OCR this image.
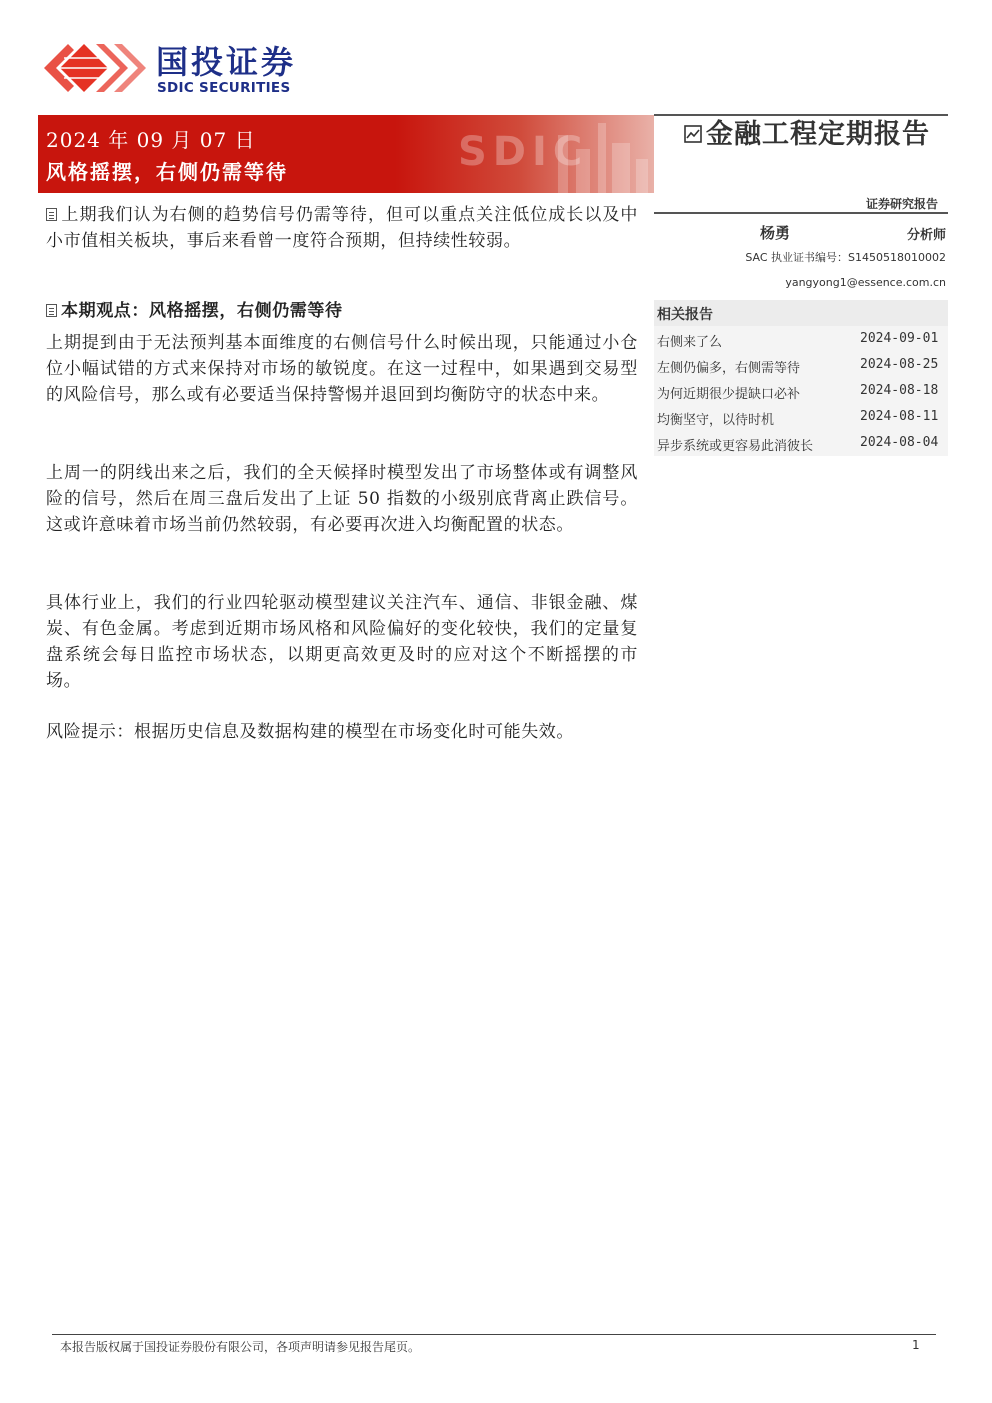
国投证券
SDIC SECURITIES
SDIC
2024 年 09 月 07 日
风格摇摆，右侧仍需等待
金融工程定期报告
证券研究报告
杨勇	分析师
SAC 执业证书编号：S1450518010002
yangyong1@essence.com.cn
相关报告
右侧来了么	2024-09-01
左侧仍偏多，右侧需等待	2024-08-25
为何近期很少提缺口必补	2024-08-18
均衡坚守，以待时机	2024-08-11
异步系统或更容易此消彼长	2024-08-04
上期我们认为右侧的趋势信号仍需等待，但可以重点关注低位成长以及中小市值相关板块，事后来看曾一度符合预期，但持续性较弱。
本期观点：风格摇摆，右侧仍需等待
上期提到由于无法预判基本面维度的右侧信号什么时候出现，只能通过小仓位小幅试错的方式来保持对市场的敏锐度。在这一过程中，如果遇到交易型的风险信号，那么或有必要适当保持警惕并退回到均衡防守的状态中来。
上周一的阴线出来之后，我们的全天候择时模型发出了市场整体或有调整风险的信号，然后在周三盘后发出了上证 50 指数的小级别底背离止跌信号。这或许意味着市场当前仍然较弱，有必要再次进入均衡配置的状态。
具体行业上，我们的行业四轮驱动模型建议关注汽车、通信、非银金融、煤炭、有色金属。考虑到近期市场风格和风险偏好的变化较快，我们的定量复盘系统会每日监控市场状态，以期更高效更及时的应对这个不断摇摆的市场。
风险提示：根据历史信息及数据构建的模型在市场变化时可能失效。
本报告版权属于国投证券股份有限公司，各项声明请参见报告尾页。	1
